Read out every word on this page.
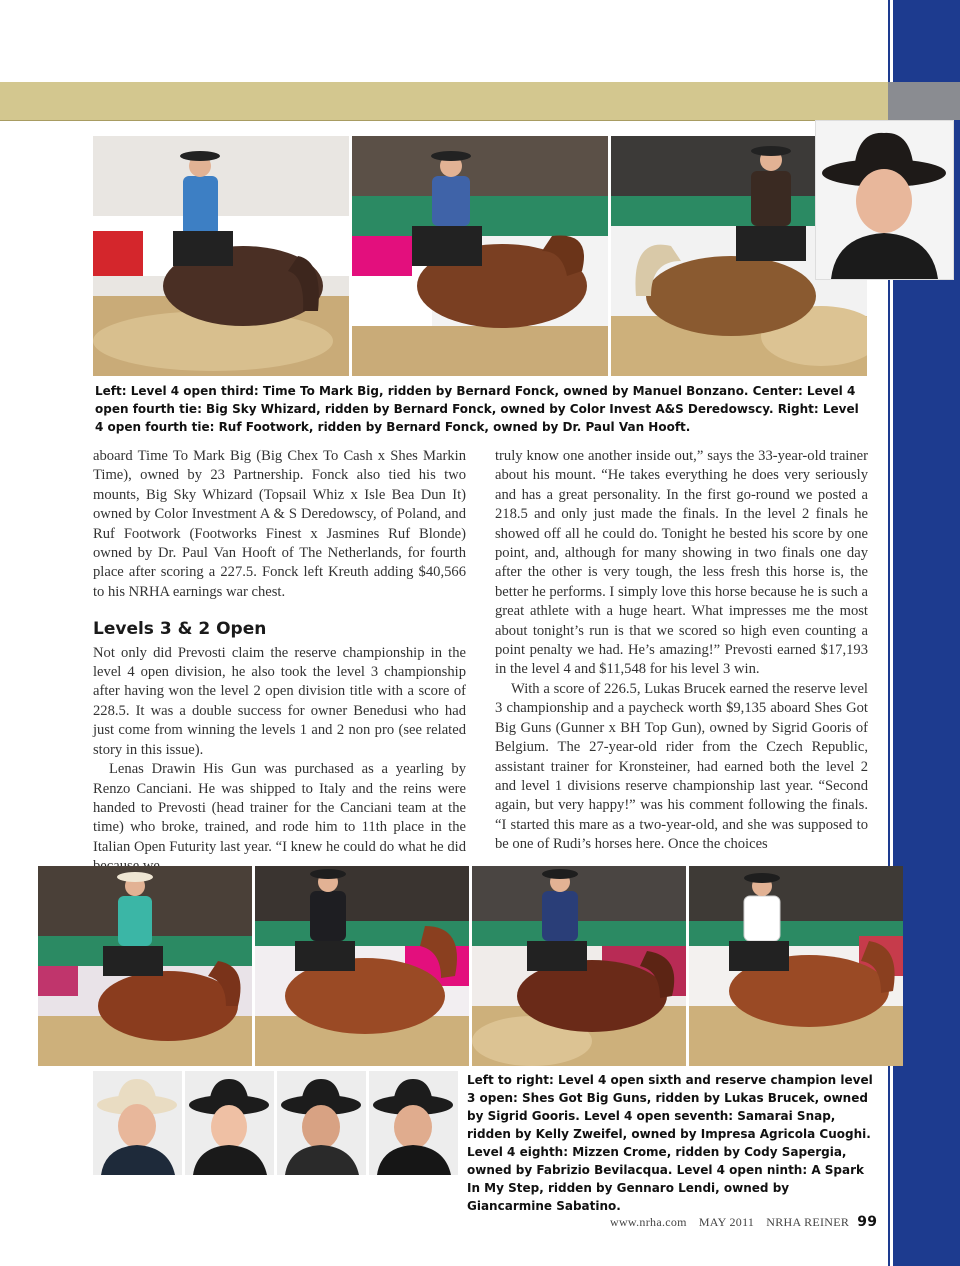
Left: Level 4 open third: Time To Mark Big, ridden by Bernard Fonck, owned by Manuel Bonzano. Center: Level 4 open fourth tie: Big Sky Whizard, ridden by Bernard Fonck, owned by Color Invest A&S Deredowscy. Right: Level 4 open fourth tie: Ruf Footwork, ridden by Bernard Fonck, owned by Dr. Paul Van Hooft.

aboard Time To Mark Big (Big Chex To Cash x Shes Markin Time), owned by 23 Partnership. Fonck also tied his two mounts, Big Sky Whizard (Topsail Whiz x Isle Bea Dun It) owned by Color Investment A & S Deredowscy, of Poland, and Ruf Footwork (Footworks Finest x Jasmines Ruf Blonde) owned by Dr. Paul Van Hooft of The Netherlands, for fourth place after scoring a 227.5. Fonck left Kreuth adding $40,566 to his NRHA earnings war chest.

Levels 3 & 2 Open

Not only did Prevosti claim the reserve championship in the level 4 open division, he also took the level 3 championship after having won the level 2 open division title with a score of 228.5. It was a double success for owner Benedusi who had just come from winning the levels 1 and 2 non pro (see related story in this issue).

Lenas Drawin His Gun was purchased as a yearling by Renzo Canciani. He was shipped to Italy and the reins were handed to Prevosti (head trainer for the Canciani team at the time) who broke, trained, and rode him to 11th place in the Italian Open Futurity last year. “I knew he could do what he did

truly know one another inside out,” says the 33-year-old trainer about his mount. “He takes everything he does very seriously and has a great personality. In the first go-round we posted a 218.5 and only just made the finals. In the level 2 finals he showed off all he could do. Tonight he bested his score by one point, and, although for many showing in two finals one day after the other is very tough, the less fresh this horse is, the better he performs. I simply love this horse because he is such a great athlete with a huge heart. What impresses me the most about tonight’s run is that we scored so high even counting a point penalty we had. He’s amazing!” Prevosti earned $17,193 in the level 4 and $11,548 for his level 3 win.

With a score of 226.5, Lukas Brucek earned the reserve level 3 championship and a paycheck worth $9,135 aboard Shes Got Big Guns (Gunner x BH Top Gun), owned by Sigrid Gooris of Belgium. The 27-year-old rider from the Czech Republic, assistant trainer for Kronsteiner, had earned both the level 2 and level 1 divisions reserve championship last year. “Second again, but very happy!” was his comment following the finals. “I started this mare as a two-year-old, and she was supposed to be one of Rudi’s horses here. Once the choices

Left to right: Level 4 open sixth and reserve champion level 3 open: Shes Got Big Guns, ridden by Lukas Brucek, owned by Sigrid Gooris. Level 4 open seventh: Samarai Snap, ridden by Kelly Zweifel, owned by Impresa Agricola Cuoghi. Level 4 eighth: Mizzen Crome, ridden by Cody Sapergia, owned by Fabrizio Bevilacqua. Level 4 open ninth: A Spark In My Step, ridden by Gennaro Lendi, owned by Giancarmine Sabatino.
www.nrha.com MAY 2011 NRHA REINER 99
